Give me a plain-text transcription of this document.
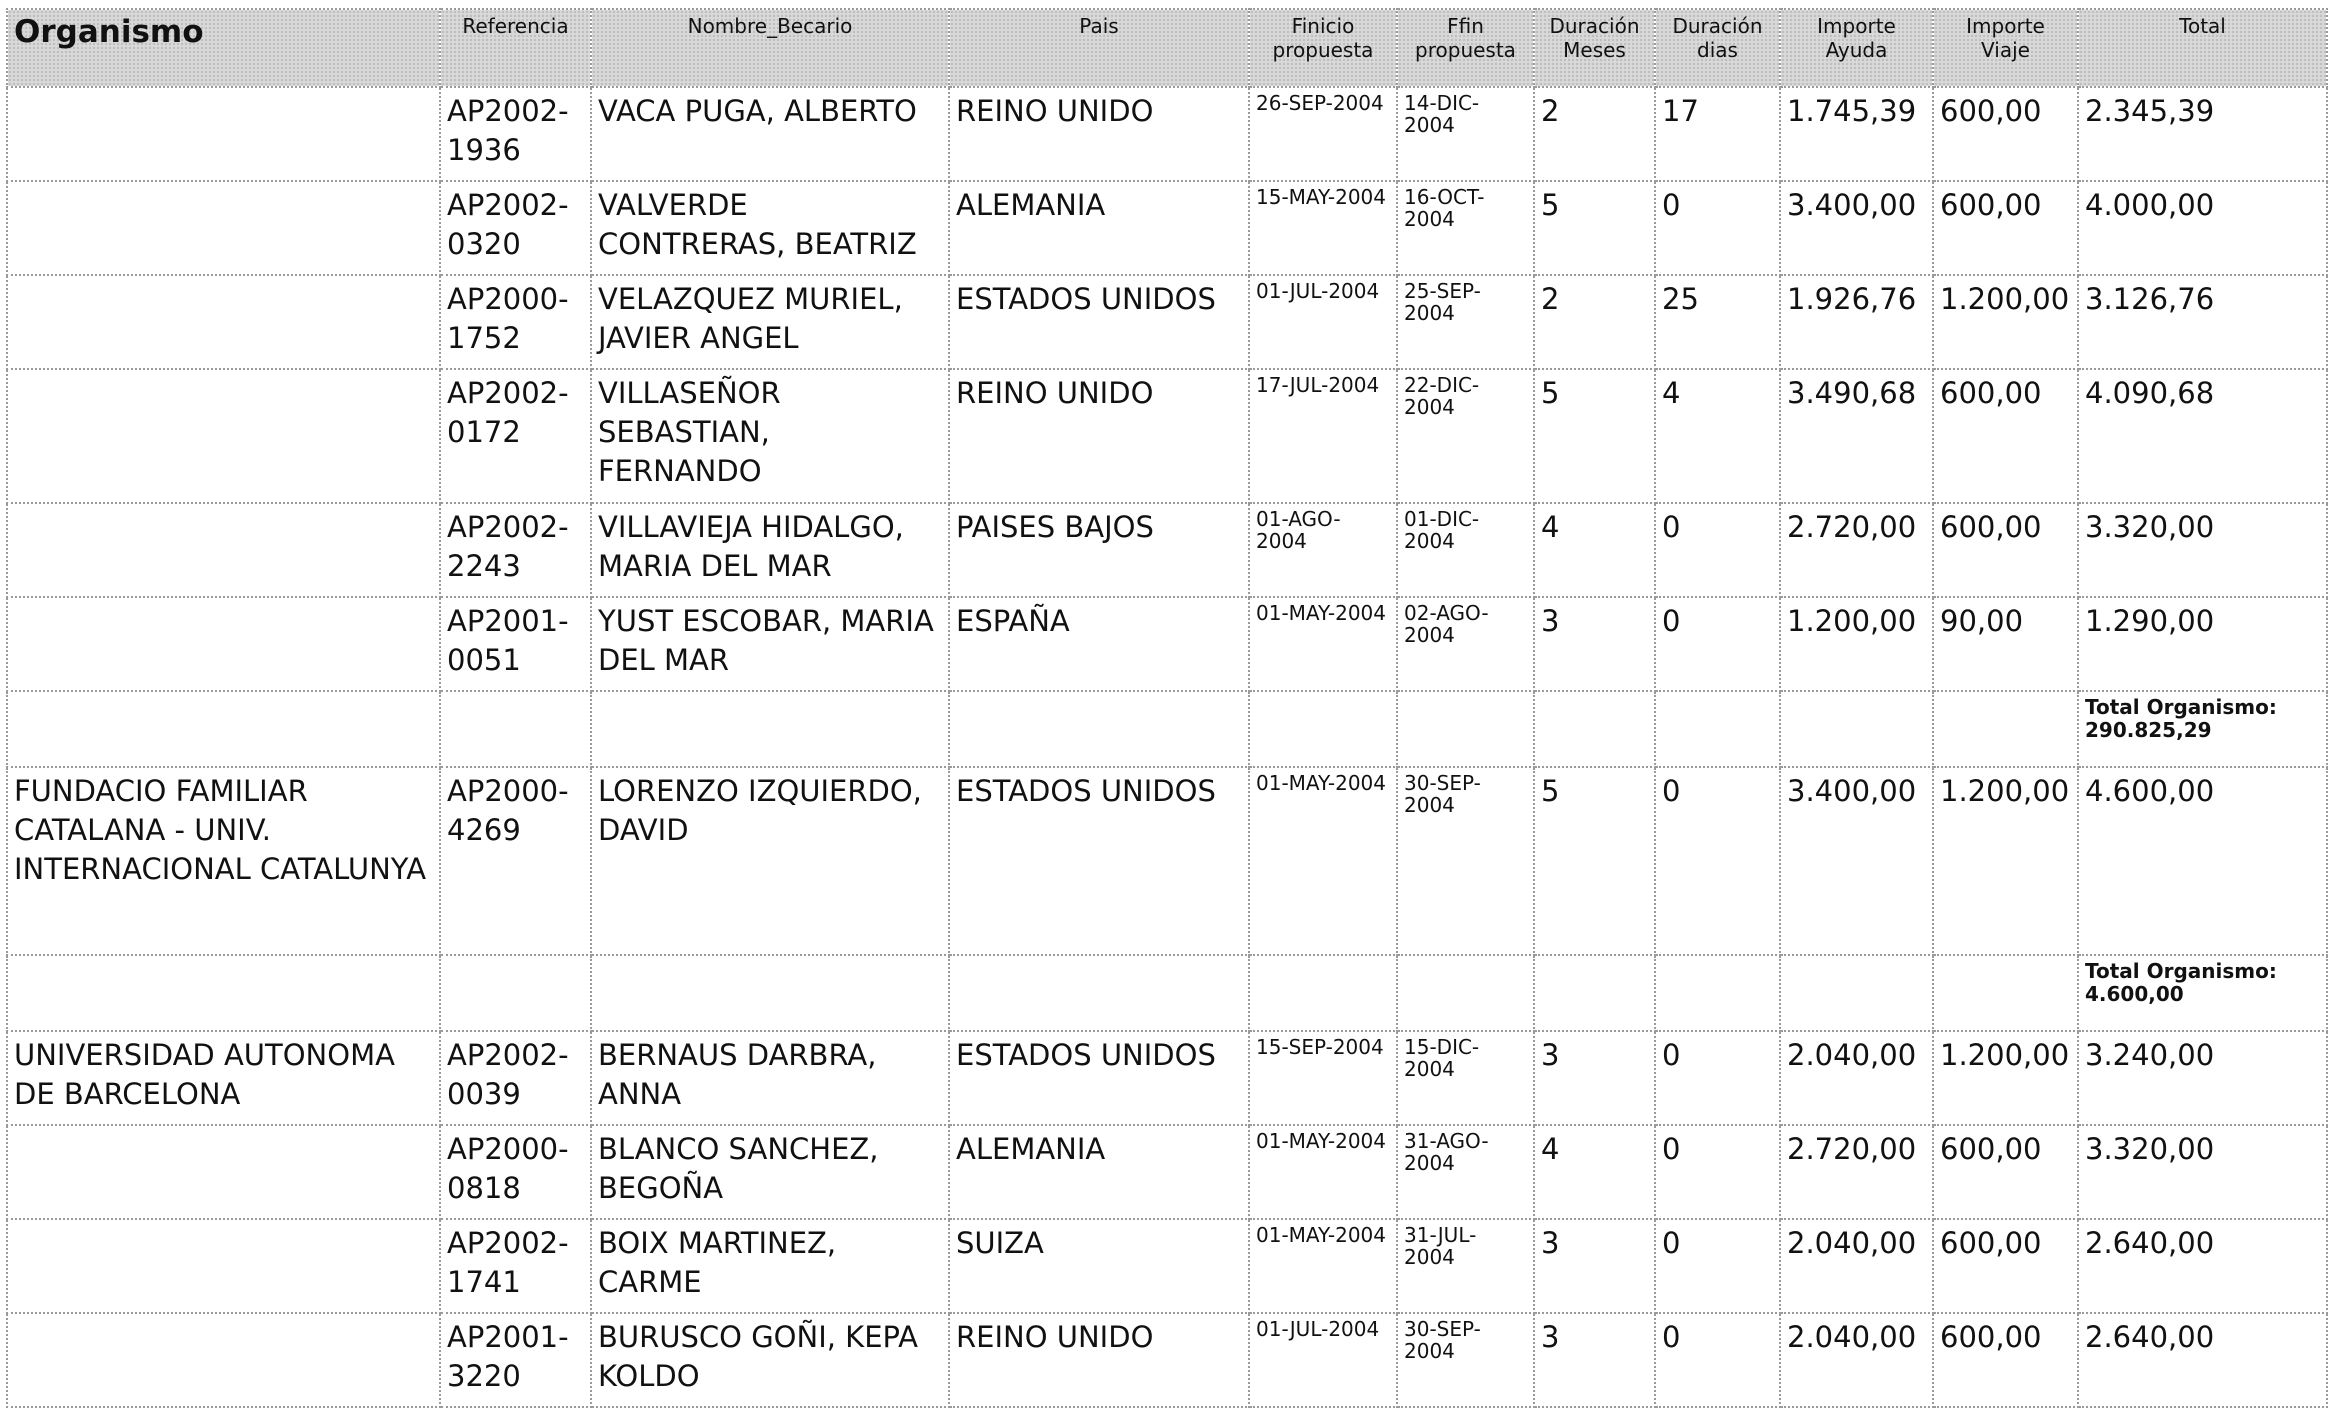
Organismo	Referencia	Nombre_Becario	Pais	Finicio propuesta	Ffin propuesta	Duración Meses	Duración dias	Importe Ayuda	Importe Viaje	Total
	AP2002-1936	VACA PUGA, ALBERTO	REINO UNIDO	26-SEP-2004	14-DIC-2004	2	17	1.745,39	600,00	2.345,39
	AP2002-0320	VALVERDE CONTRERAS, BEATRIZ	ALEMANIA	15-MAY-2004	16-OCT-2004	5	0	3.400,00	600,00	4.000,00
	AP2000-1752	VELAZQUEZ MURIEL, JAVIER ANGEL	ESTADOS UNIDOS	01-JUL-2004	25-SEP-2004	2	25	1.926,76	1.200,00	3.126,76
	AP2002-0172	VILLASEÑOR SEBASTIAN, FERNANDO	REINO UNIDO	17-JUL-2004	22-DIC-2004	5	4	3.490,68	600,00	4.090,68
	AP2002-2243	VILLAVIEJA HIDALGO, MARIA DEL MAR	PAISES BAJOS	01-AGO-2004	01-DIC-2004	4	0	2.720,00	600,00	3.320,00
	AP2001-0051	YUST ESCOBAR, MARIA DEL MAR	ESPAÑA	01-MAY-2004	02-AGO-2004	3	0	1.200,00	90,00	1.290,00
										Total Organismo: 290.825,29
FUNDACIO FAMILIAR CATALANA - UNIV. INTERNACIONAL CATALUNYA	AP2000-4269	LORENZO IZQUIERDO, DAVID	ESTADOS UNIDOS	01-MAY-2004	30-SEP-2004	5	0	3.400,00	1.200,00	4.600,00
										Total Organismo: 4.600,00
UNIVERSIDAD AUTONOMA DE BARCELONA	AP2002-0039	BERNAUS DARBRA, ANNA	ESTADOS UNIDOS	15-SEP-2004	15-DIC-2004	3	0	2.040,00	1.200,00	3.240,00
	AP2000-0818	BLANCO SANCHEZ, BEGOÑA	ALEMANIA	01-MAY-2004	31-AGO-2004	4	0	2.720,00	600,00	3.320,00
	AP2002-1741	BOIX MARTINEZ, CARME	SUIZA	01-MAY-2004	31-JUL-2004	3	0	2.040,00	600,00	2.640,00
	AP2001-3220	BURUSCO GOÑI, KEPA KOLDO	REINO UNIDO	01-JUL-2004	30-SEP-2004	3	0	2.040,00	600,00	2.640,00
